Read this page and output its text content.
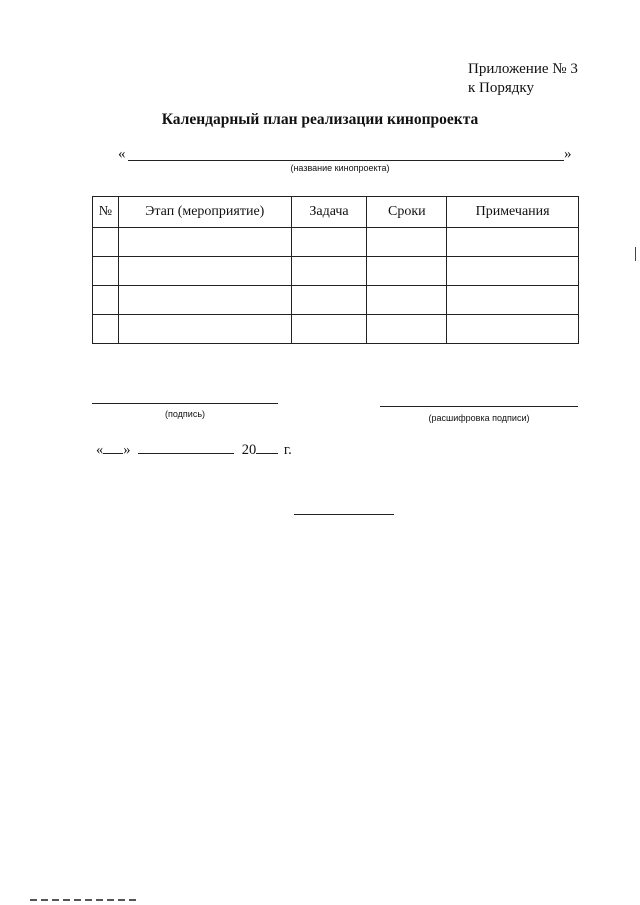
Приложение № 3
к Порядку
Календарный план реализации кинопроекта
«	»
(название кинопроекта)
№	Этап (мероприятие)	Задача	Сроки	Примечания

(подпись)	(расшифровка подписи)
« »	20 г.
